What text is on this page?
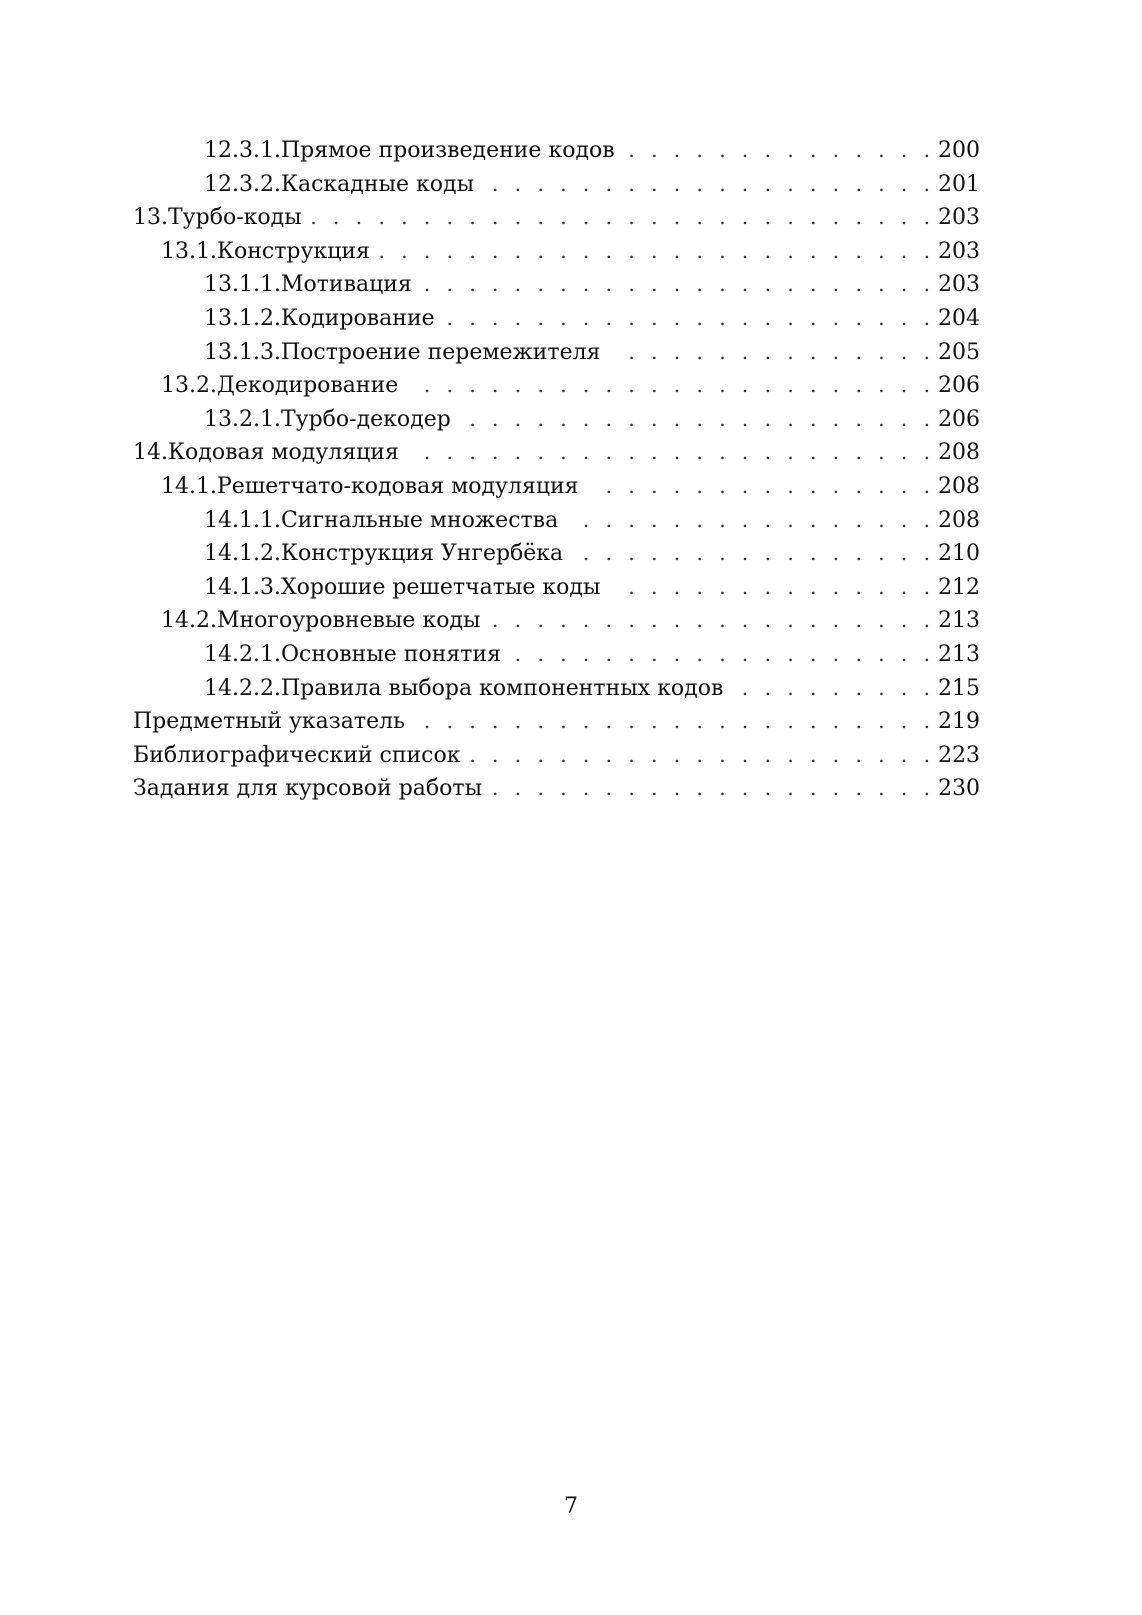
12.3.1. Прямое произведение кодов . . .	200
12.3.2. Каскадные коды . . .	201
13. Турбо-коды . . .	203
13.1. Конструкция . . .	203
13.1.1. Мотивация . . .	203
13.1.2. Кодирование . . .	204
13.1.3. Построение перемежителя . . .	205
13.2. Декодирование . . .	206
13.2.1. Турбо-декодер . . .	206
14. Кодовая модуляция . . .	208
14.1. Решетчато-кодовая модуляция . . .	208
14.1.1. Сигнальные множества . . .	208
14.1.2. Конструкция Унгербёка . . .	210
14.1.3. Хорошие решетчатые коды . . .	212
14.2. Многоуровневые коды . . .	213
14.2.1. Основные понятия . . .	213
14.2.2. Правила выбора компонентных кодов . . .	215
Предметный указатель . . .	219
Библиографический список . . .	223
Задания для курсовой работы . . .	230
7
